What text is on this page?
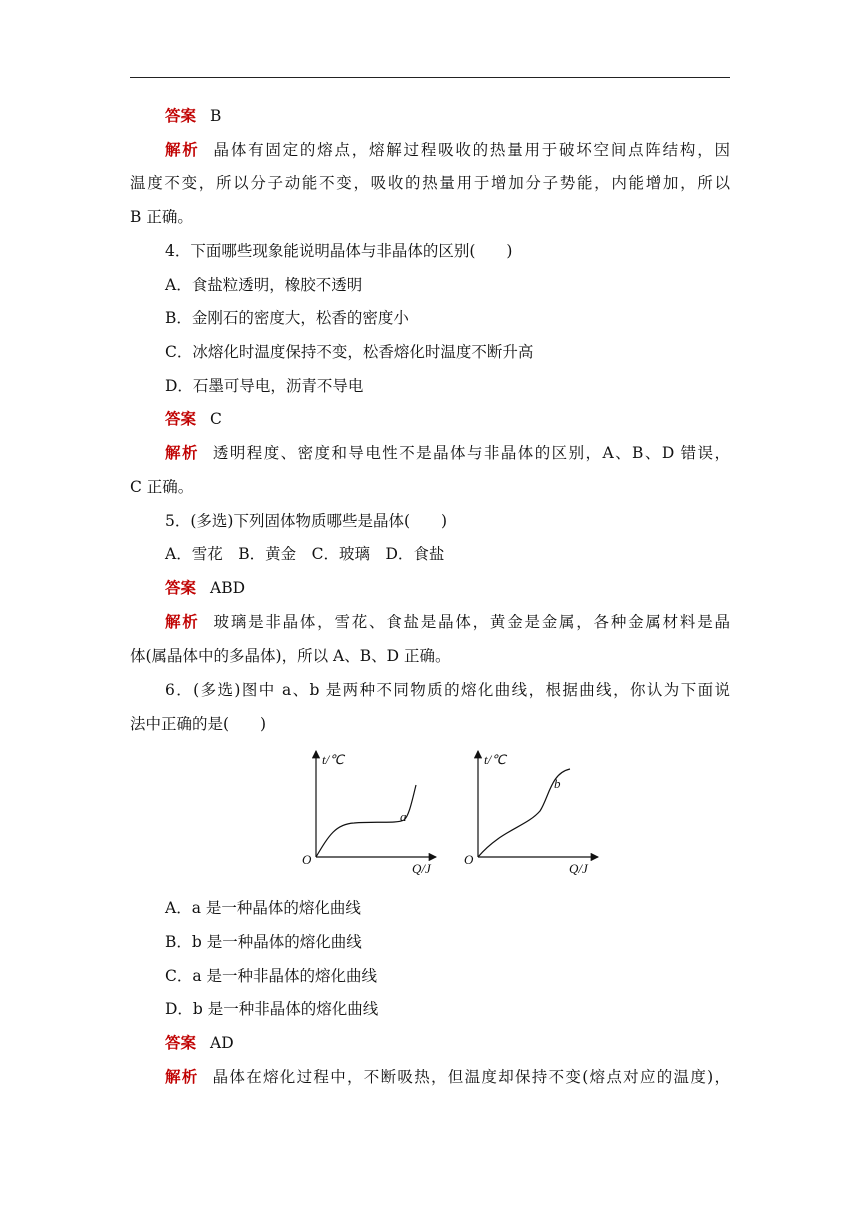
答案 B
解析 晶体有固定的熔点，熔解过程吸收的热量用于破坏空间点阵结构，因
温度不变，所以分子动能不变，吸收的热量用于增加分子势能，内能增加，所以
B 正确。
4．下面哪些现象能说明晶体与非晶体的区别(　　)
A．食盐粒透明，橡胶不透明
B．金刚石的密度大，松香的密度小
C．冰熔化时温度保持不变，松香熔化时温度不断升高
D．石墨可导电，沥青不导电
答案 C
解析 透明程度、密度和导电性不是晶体与非晶体的区别，A、B、D 错误，
C 正确。
5．(多选)下列固体物质哪些是晶体(　　)
A．雪花　B．黄金　C．玻璃　D．食盐
答案 ABD
解析 玻璃是非晶体，雪花、食盐是晶体，黄金是金属，各种金属材料是晶
体(属晶体中的多晶体)，所以 A、B、D 正确。
6．(多选)图中 a、b 是两种不同物质的熔化曲线，根据曲线，你认为下面说
法中正确的是(　　)
t/℃
O
Q/J
a
t/℃
O
Q/J
b
A．a 是一种晶体的熔化曲线
B．b 是一种晶体的熔化曲线
C．a 是一种非晶体的熔化曲线
D．b 是一种非晶体的熔化曲线
答案 AD
解析 晶体在熔化过程中，不断吸热，但温度却保持不变(熔点对应的温度)，
